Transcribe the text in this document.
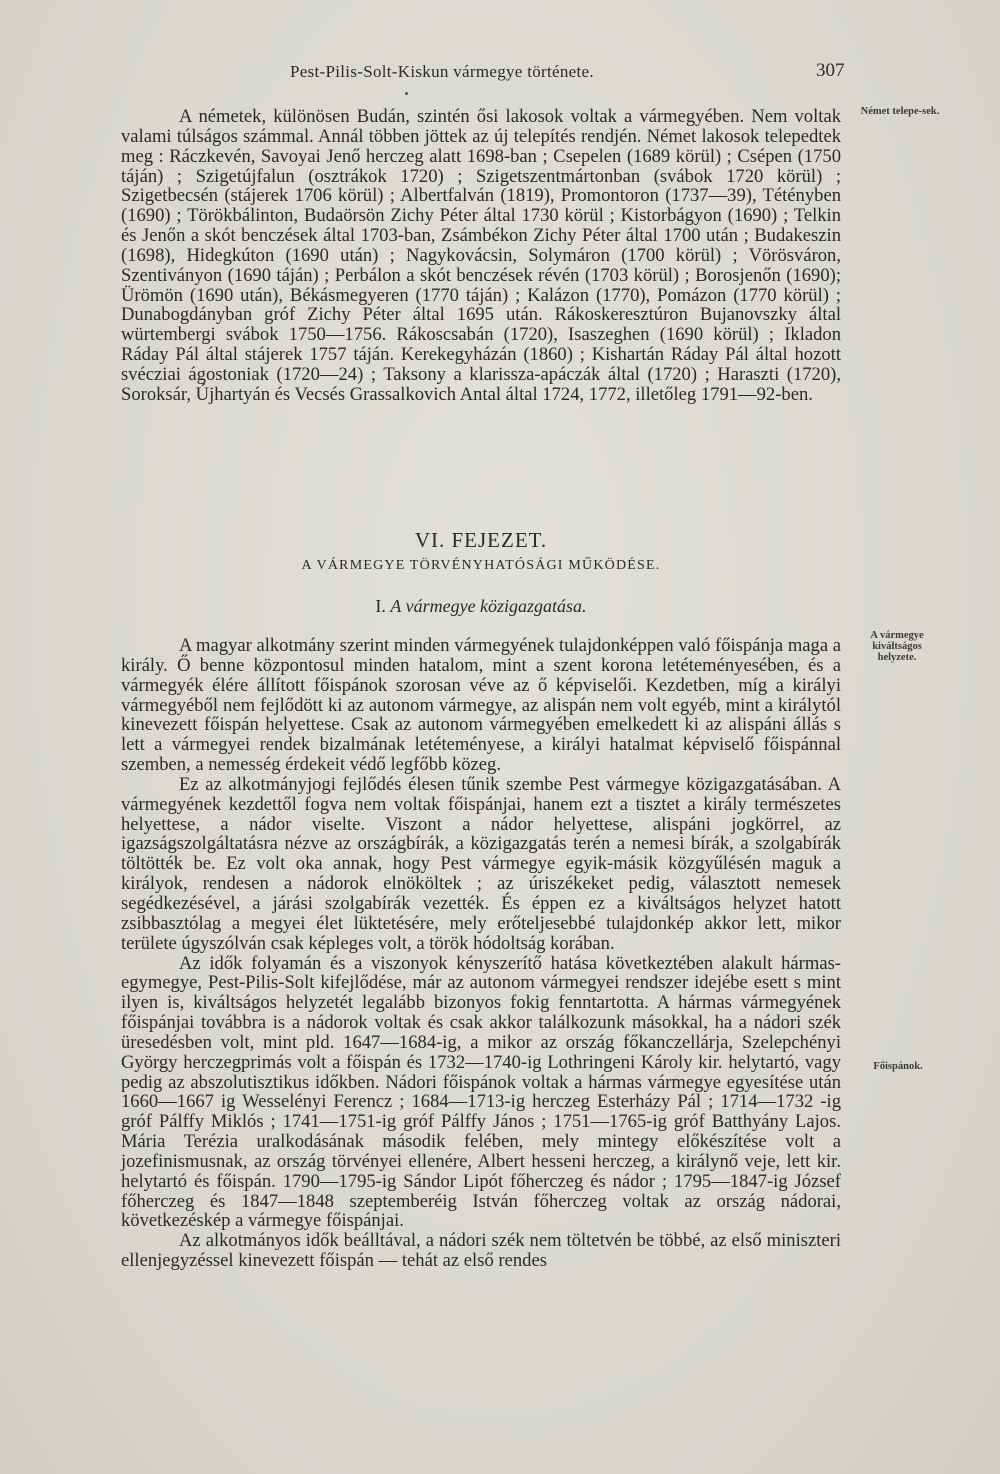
Pest-Pilis-Solt-Kiskun vármegye története.	307
Német telepe-sek.

A németek, különösen Budán, szintén ősi lakosok voltak a vármegyében. Nem voltak valami túlságos számmal. Annál többen jöttek az új telepítés rendjén. Német lakosok telepedtek meg : Ráczkevén, Savoyai Jenő herczeg alatt 1698-ban ; Csepelen (1689 körül) ; Csépen (1750 táján) ; Szigetújfalun (osztrákok 1720) ; Szigetszentmártonban (svábok 1720 körül) ; Szigetbecsén (stájerek 1706 körül) ; Albertfalván (1819), Promontoron (1737—39), Tétényben (1690) ; Törökbálinton, Budaörsön Zichy Péter által 1730 körül ; Kistorbágyon (1690) ; Telkin és Jenőn a skót benczések által 1703-ban, Zsámbékon Zichy Péter által 1700 után ; Budakeszin (1698), Hidegkúton (1690 után) ; Nagykovácsin, Solymáron (1700 körül) ; Vörösváron, Szentiványon (1690 táján) ; Perbálon a skót benczések révén (1703 körül) ; Borosjenőn (1690); Ürömön (1690 után), Békásmegyeren (1770 táján) ; Kalázon (1770), Pomázon (1770 körül) ; Dunabogdányban gróf Zichy Péter által 1695 után. Rákoskeresztúron Bujanovszky által würtembergi svábok 1750—1756. Rákoscsabán (1720), Isaszeghen (1690 körül) ; Ikladon Ráday Pál által stájerek 1757 táján. Kerekegyházán (1860) ; Kishartán Ráday Pál által hozott svécziai ágostoniak (1720—24) ; Taksony a klarissza-apáczák által (1720) ; Haraszti (1720), Soroksár, Újhartyán és Vecsés Grassalkovich Antal által 1724, 1772, illetőleg 1791—92-ben.

VI. FEJEZET.
A VÁRMEGYE TÖRVÉNYHATÓSÁGI MŰKÖDÉSE.
I. A vármegye közigazgatása.
A vármegye kiváltságos helyzete.
Főispánok.

A magyar alkotmány szerint minden vármegyének tulajdonképpen való főispánja maga a király. Ő benne központosul minden hatalom, mint a szent korona letéteményesében, és a vármegyék élére állított főispánok szorosan véve az ő képviselői. Kezdetben, míg a királyi vármegyéből nem fejlődött ki az autonom vármegye, az alispán nem volt egyéb, mint a királytól kinevezett főispán helyettese. Csak az autonom vármegyében emelkedett ki az alispáni állás s lett a vármegyei rendek bizalmának letéteményese, a királyi hatalmat képviselő főispánnal szemben, a nemesség érdekeit védő legfőbb közeg.

Ez az alkotmányjogi fejlődés élesen tűnik szembe Pest vármegye közigazgatásában. A vármegyének kezdettől fogva nem voltak főispánjai, hanem ezt a tisztet a király természetes helyettese, a nádor viselte. Viszont a nádor helyettese, alispáni jogkörrel, az igazságszolgáltatásra nézve az országbírák, a közigazgatás terén a nemesi bírák, a szolgabírák töltötték be. Ez volt oka annak, hogy Pest vármegye egyik-másik közgyűlésén maguk a királyok, rendesen a nádorok elnököltek ; az úriszékeket pedig, választott nemesek segédkezésével, a járási szolgabírák vezették. És éppen ez a kiváltságos helyzet hatott zsibbasztólag a megyei élet lüktetésére, mely erőteljesebbé tulajdonkép akkor lett, mikor területe úgyszólván csak képleges volt, a török hódoltság korában.

Az idők folyamán és a viszonyok kényszerítő hatása következtében alakult hármas-egymegye, Pest-Pilis-Solt kifejlődése, már az autonom vármegyei rendszer idejébe esett s mint ilyen is, kiváltságos helyzetét legalább bizonyos fokig fenntartotta. A hármas vármegyének főispánjai továbbra is a nádorok voltak és csak akkor találkozunk másokkal, ha a nádori szék üresedésben volt, mint pld. 1647—1684-ig, a mikor az ország főkanczellárja, Szelepchényi György herczegprimás volt a főispán és 1732—1740-ig Lothringeni Károly kir. helytartó, vagy pedig az abszolutisztikus időkben. Nádori főispánok voltak a hármas vármegye egyesítése után 1660—1667 ig Wesselényi Ferencz ; 1684—1713-ig herczeg Esterházy Pál ; 1714—1732 -ig gróf Pálffy Miklós ; 1741—1751-ig gróf Pálffy János ; 1751—1765-ig gróf Batthyány Lajos. Mária Terézia uralkodásának második felében, mely mintegy előkészítése volt a jozefinismusnak, az ország törvényei ellenére, Albert hesseni herczeg, a királynő veje, lett kir. helytartó és főispán. 1790—1795-ig Sándor Lipót főherczeg és nádor ; 1795—1847-ig József főherczeg és 1847—1848 szeptemberéig István főherczeg voltak az ország nádorai, következéskép a vármegye főispánjai.

Az alkotmányos idők beálltával, a nádori szék nem töltetvén be többé, az első miniszteri ellenjegyzéssel kinevezett főispán — tehát az első rendes
